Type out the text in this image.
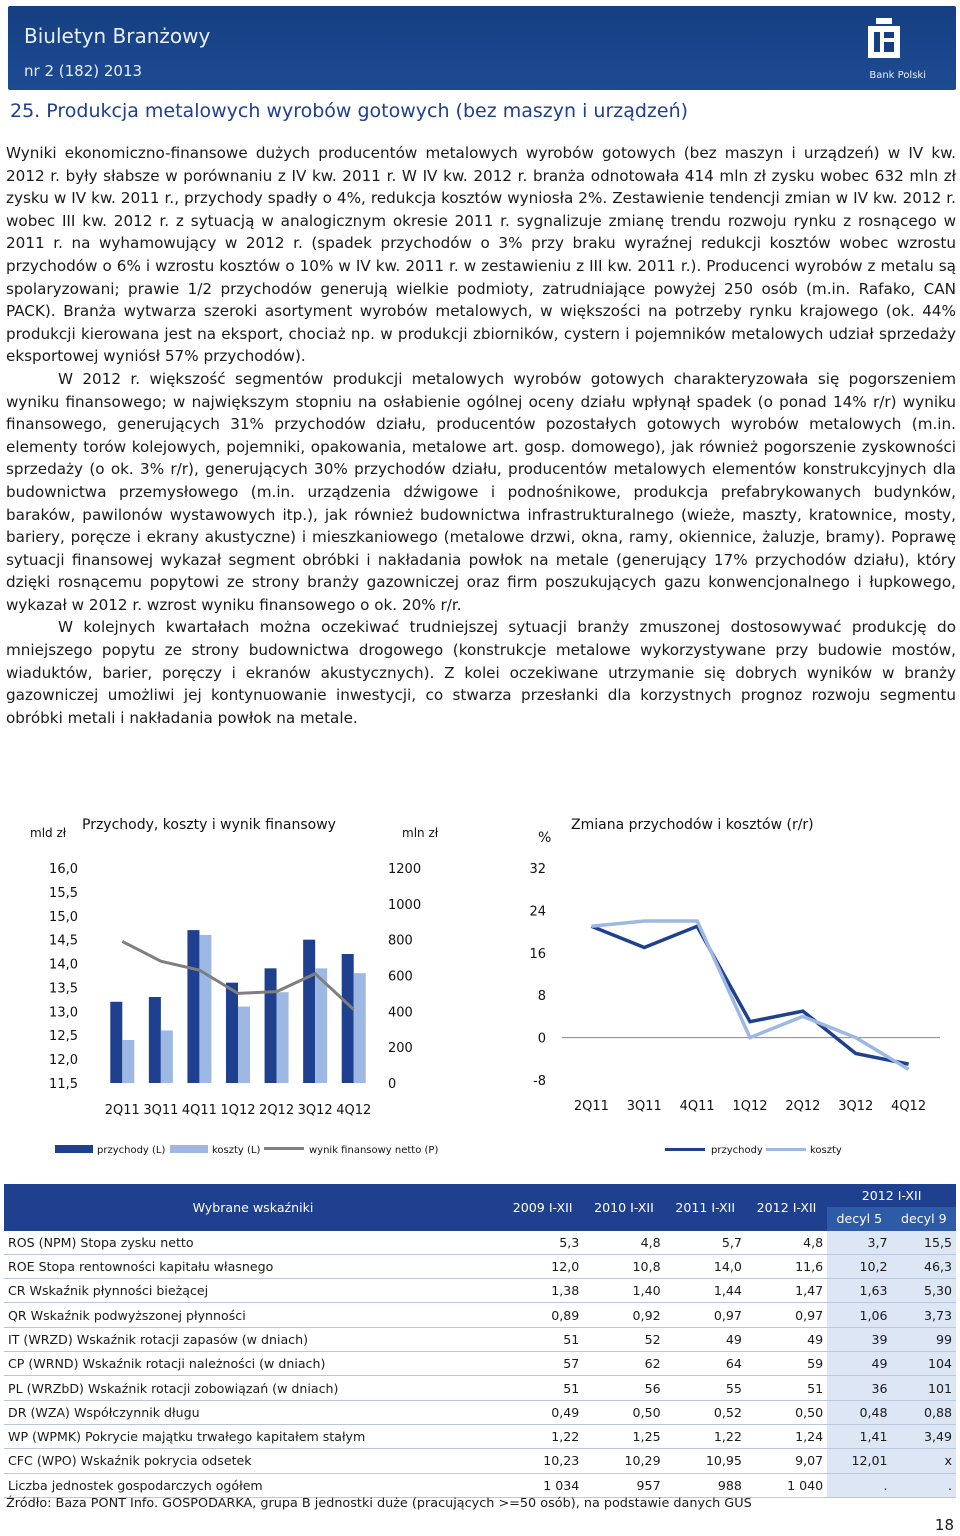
Biuletyn Branżowy
nr 2 (182) 2013	Bank Polski
25. Produkcja metalowych wyrobów gotowych (bez maszyn i urządzeń)

Wyniki ekonomiczno-finansowe dużych producentów metalowych wyrobów gotowych (bez maszyn i urządzeń) w IV kw. 2012 r. były słabsze w porównaniu z IV kw. 2011 r. W IV kw. 2012 r. branża odnotowała 414 mln zł zysku wobec 632 mln zł zysku w IV kw. 2011 r., przychody spadły o 4%, redukcja kosztów wyniosła 2%. Zestawienie tendencji zmian w IV kw. 2012 r. wobec III kw. 2012 r. z sytuacją w analogicznym okresie 2011 r. sygnalizuje zmianę trendu rozwoju rynku z rosnącego w 2011 r. na wyhamowujący w 2012 r. (spadek przychodów o 3% przy braku wyraźnej redukcji kosztów wobec wzrostu przychodów o 6% i wzrostu kosztów o 10% w IV kw. 2011 r. w zestawieniu z III kw. 2011 r.). Producenci wyrobów z metalu są spolaryzowani; prawie 1/2 przychodów generują wielkie podmioty, zatrudniające powyżej 250 osób (m.in. Rafako, CAN PACK). Branża wytwarza szeroki asortyment wyrobów metalowych, w większości na potrzeby rynku krajowego (ok. 44% produkcji kierowana jest na eksport, chociaż np. w produkcji zbiorników, cystern i pojemników metalowych udział sprzedaży eksportowej wyniósł 57% przychodów).

W 2012 r. większość segmentów produkcji metalowych wyrobów gotowych charakteryzowała się pogorszeniem wyniku finansowego; w największym stopniu na osłabienie ogólnej oceny działu wpłynął spadek (o ponad 14% r/r) wyniku finansowego, generujących 31% przychodów działu, producentów pozostałych gotowych wyrobów metalowych (m.in. elementy torów kolejowych, pojemniki, opakowania, metalowe art. gosp. domowego), jak również pogorszenie zyskowności sprzedaży (o ok. 3% r/r), generujących 30% przychodów działu, producentów metalowych elementów konstrukcyjnych dla budownictwa przemysłowego (m.in. urządzenia dźwigowe i podnośnikowe, produkcja prefabrykowanych budynków, baraków, pawilonów wystawowych itp.), jak również budownictwa infrastrukturalnego (wieże, maszty, kratownice, mosty, bariery, poręcze i ekrany akustyczne) i mieszkaniowego (metalowe drzwi, okna, ramy, okiennice, żaluzje, bramy). Poprawę sytuacji finansowej wykazał segment obróbki i nakładania powłok na metale (generujący 17% przychodów działu), który dzięki rosnącemu popytowi ze strony branży gazowniczej oraz firm poszukujących gazu konwencjonalnego i łupkowego, wykazał w 2012 r. wzrost wyniku finansowego o ok. 20% r/r.

W kolejnych kwartałach można oczekiwać trudniejszej sytuacji branży zmuszonej dostosowywać produkcję do mniejszego popytu ze strony budownictwa drogowego (konstrukcje metalowe wykorzystywane przy budowie mostów, wiaduktów, barier, poręczy i ekranów akustycznych). Z kolei oczekiwane utrzymanie się dobrych wyników w branży gazowniczej umożliwi jej kontynuowanie inwestycji, co stwarza przesłanki dla korzystnych prognoz rozwoju segmentu obróbki metali i nakładania powłok na metale.

mld zł Przychody, koszty i wynik finansowy	mln zł
16,0
15,5
15,0
14,5
14,0
13,5
13,0
12,5
12,0
11,5
1200
1000
800
600
400
200
0
2Q11 3Q11 4Q11 1Q12 2Q12 3Q12 4Q12
przychody (L)	koszty (L)	wynik finansowy netto (P)
%
Zmiana przychodów i kosztów (r/r)
32
24
16
8
0
-8
2Q11 3Q11 4Q11 1Q12 2Q12 3Q12 4Q12
przychody	koszty
Wybrane wskaźniki	2009 I-XII	2010 I-XII	2011 I-XII	2012 I-XII	2012 I-XII	
					decyl 5	decyl 9
ROS (NPM) Stopa zysku netto	5,3	4,8	5,7	4,8	3,7	15,5
ROE Stopa rentowności kapitału własnego	12,0	10,8	14,0	11,6	10,2	46,3
CR Wskaźnik płynności bieżącej	1,38	1,40	1,44	1,47	1,63	5,30
QR Wskaźnik podwyższonej płynności	0,89	0,92	0,97	0,97	1,06	3,73
IT (WRZD) Wskaźnik rotacji zapasów (w dniach)	51	52	49	49	39	99
CP (WRND) Wskaźnik rotacji należności (w dniach)	57	62	64	59	49	104
PL (WRZbD) Wskaźnik rotacji zobowiązań (w dniach)	51	56	55	51	36	101
DR (WZA) Współczynnik długu	0,49	0,50	0,52	0,50	0,48	0,88
WP (WPMK) Pokrycie majątku trwałego kapitałem stałym	1,22	1,25	1,22	1,24	1,41	3,49
CFC (WPO) Wskaźnik pokrycia odsetek	10,23	10,29	10,95	9,07	12,01	x
Liczba jednostek gospodarczych ogółem	1 034	957	988	1 040	.	.
Źródło: Baza PONT Info. GOSPODARKA, grupa B jednostki duże (pracujących >=50 osób), na podstawie danych GUS
18
